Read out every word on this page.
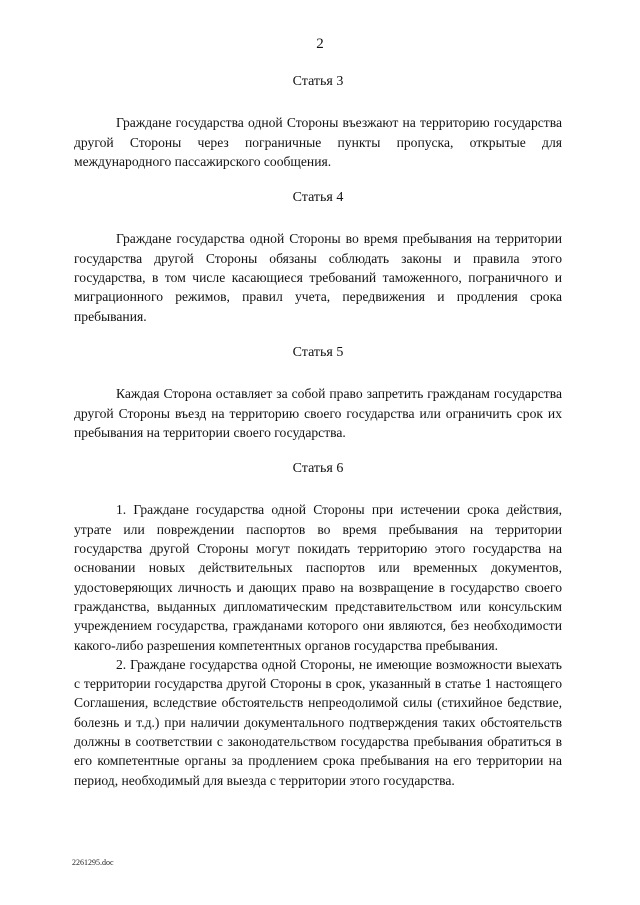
2

Статья 3

Граждане государства одной Стороны въезжают на территорию государства другой Стороны через пограничные пункты пропуска, открытые для международного пассажирского сообщения.

Статья 4

Граждане государства одной Стороны во время пребывания на территории государства другой Стороны обязаны соблюдать законы и правила этого государства, в том числе касающиеся требований таможенного, пограничного и миграционного режимов, правил учета, передвижения и продления срока пребывания.

Статья 5

Каждая Сторона оставляет за собой право запретить гражданам государства другой Стороны въезд на территорию своего государства или ограничить срок их пребывания на территории своего государства.

Статья 6

1. Граждане государства одной Стороны при истечении срока действия, утрате или повреждении паспортов во время пребывания на территории государства другой Стороны могут покидать территорию этого государства на основании новых действительных паспортов или временных документов, удостоверяющих личность и дающих право на возвращение в государство своего гражданства, выданных дипломатическим представительством или консульским учреждением государства, гражданами которого они являются, без необходимости какого-либо разрешения компетентных органов государства пребывания.

2. Граждане государства одной Стороны, не имеющие возможности выехать с территории государства другой Стороны в срок, указанный в статье 1 настоящего Соглашения, вследствие обстоятельств непреодолимой силы (стихийное бедствие, болезнь и т.д.) при наличии документального подтверждения таких обстоятельств должны в соответствии с законодательством государства пребывания обратиться в его компетентные органы за продлением срока пребывания на его территории на период, необходимый для выезда с территории этого государства.

2261295.doc
